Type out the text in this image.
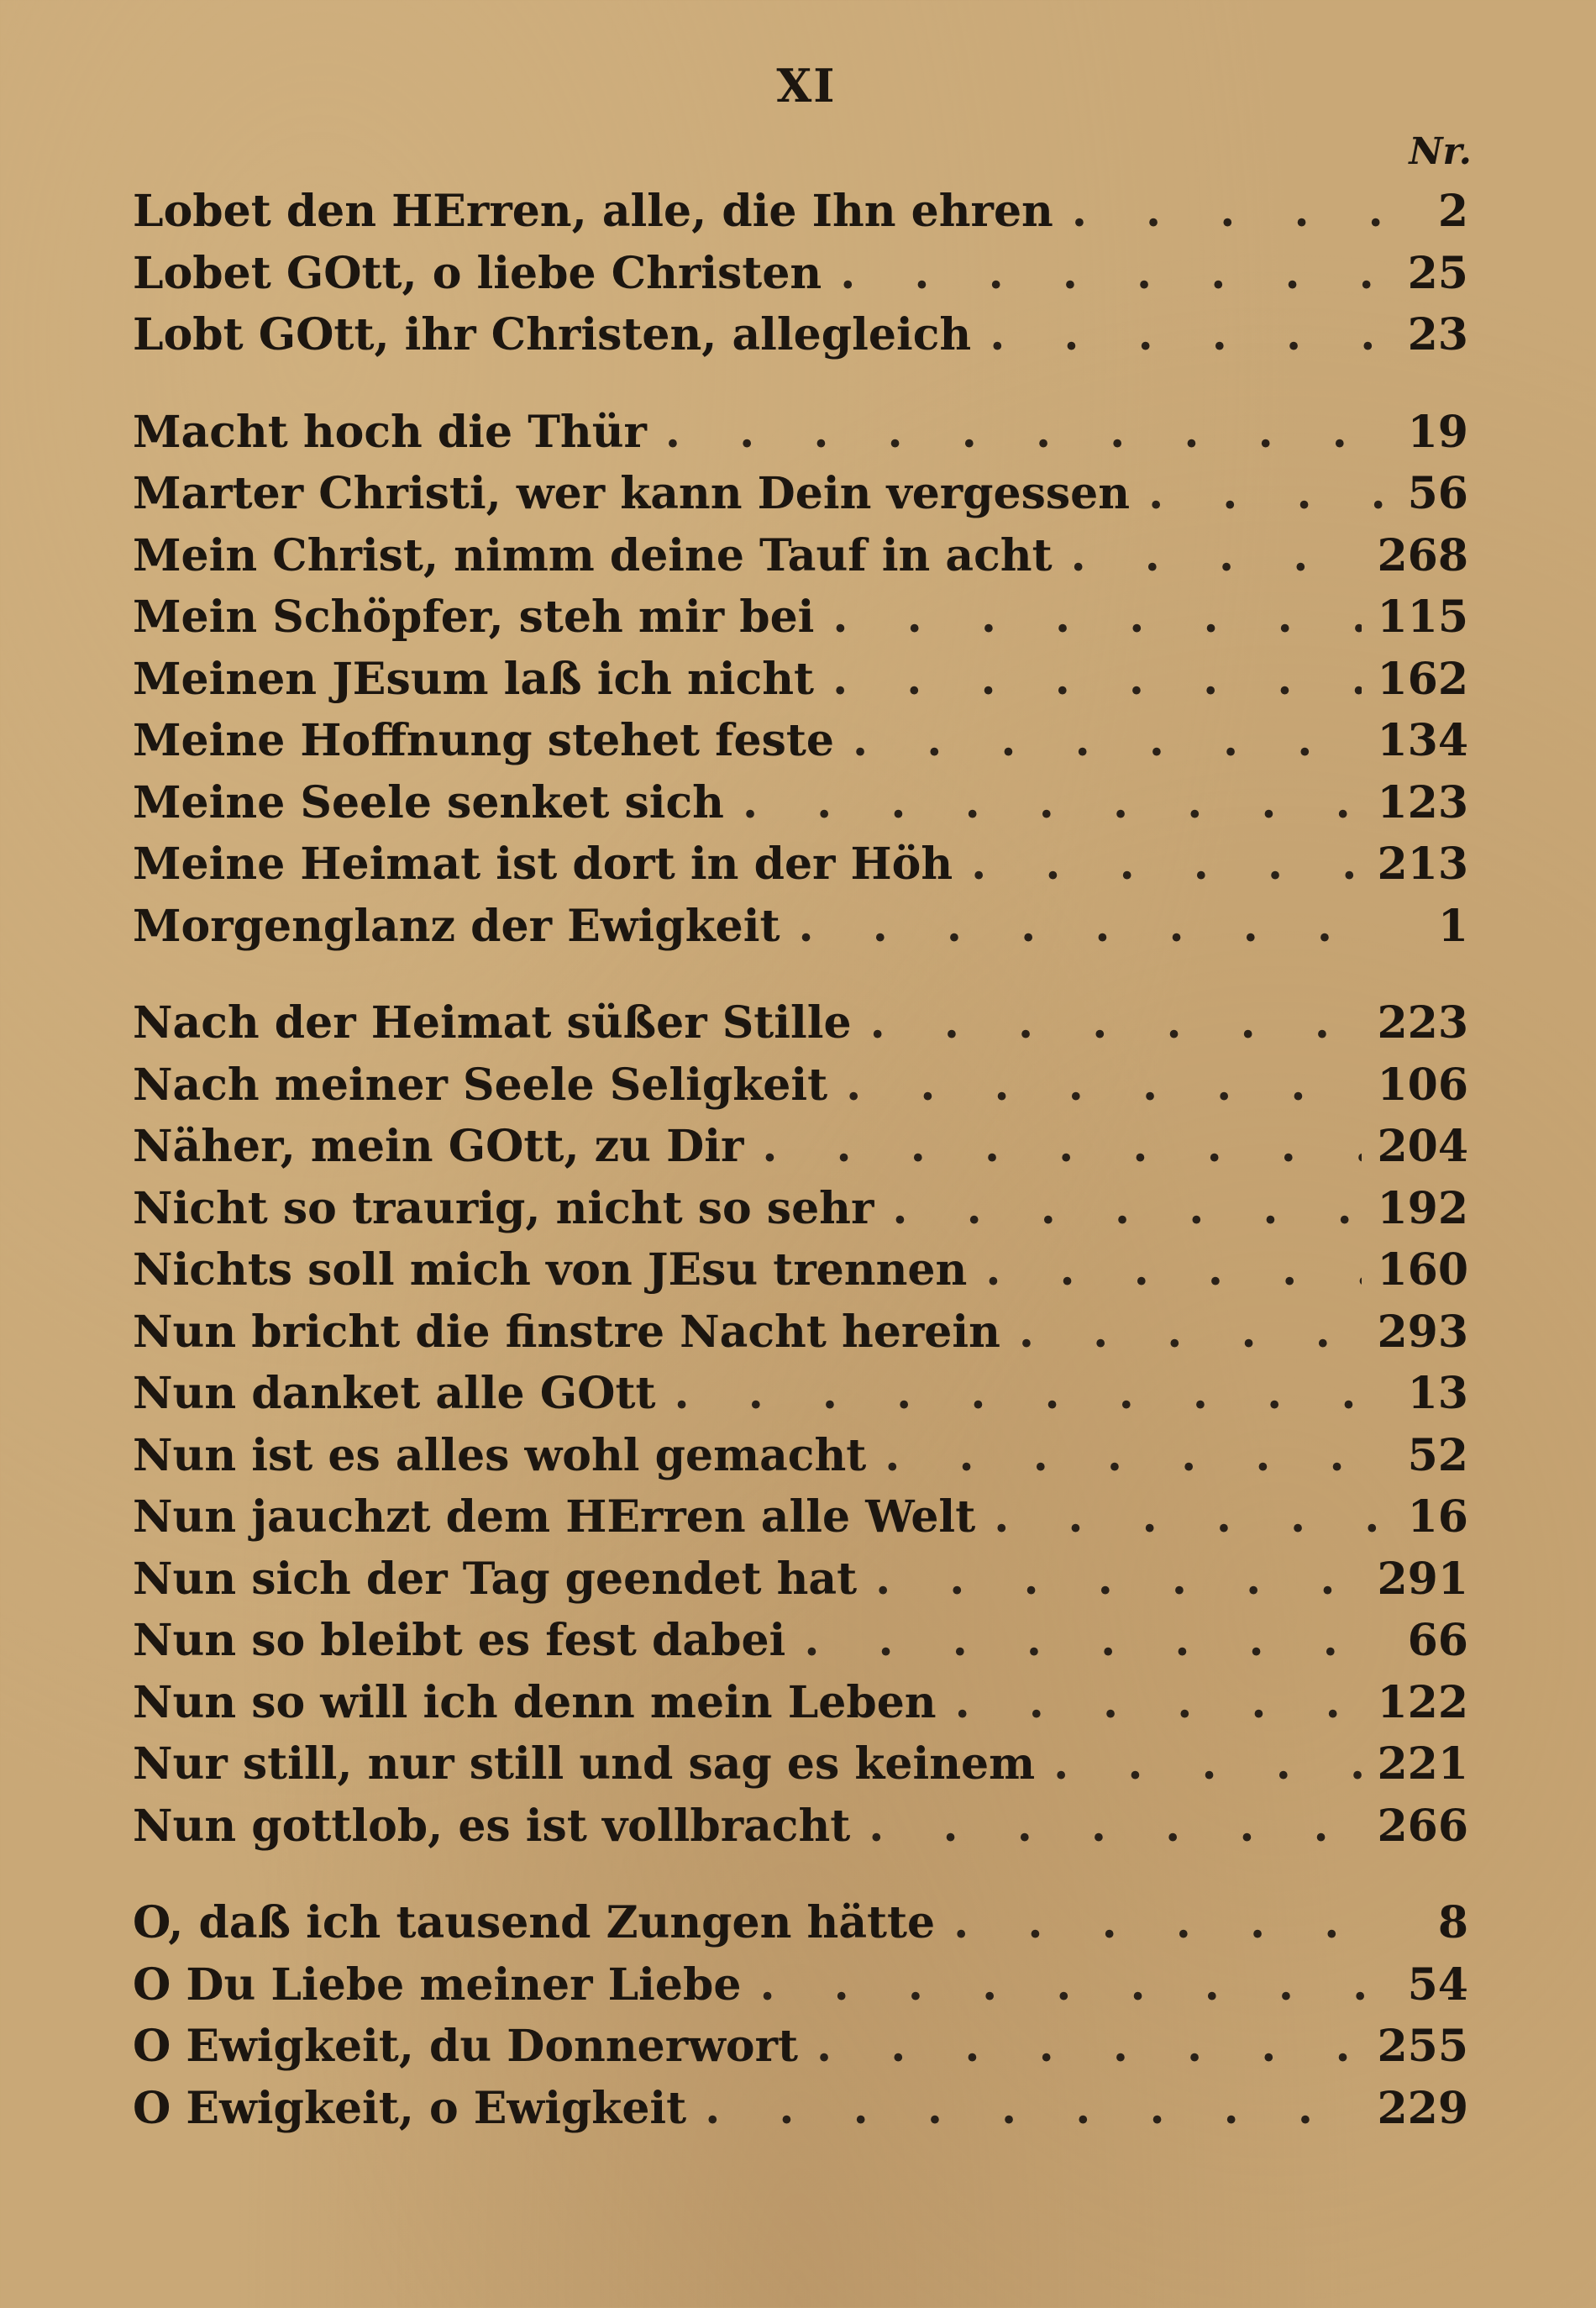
XI
Nr.
Lobet den HErren, alle, die Ihn ehren . . .	2
Lobet GOtt, o liebe Christen . . .	25
Lobt GOtt, ihr Christen, allegleich . . .	23
Macht hoch die Thür . . .	19
Marter Christi, wer kann Dein vergessen . . .	56
Mein Christ, nimm deine Tauf in acht . . .	268
Mein Schöpfer, steh mir bei . . .	115
Meinen JEsum laß ich nicht . . .	162
Meine Hoffnung stehet feste . . .	134
Meine Seele senket sich . . .	123
Meine Heimat ist dort in der Höh . . .	213
Morgenglanz der Ewigkeit . . .	1
Nach der Heimat süßer Stille . . .	223
Nach meiner Seele Seligkeit . . .	106
Näher, mein GOtt, zu Dir . . .	204
Nicht so traurig, nicht so sehr . . .	192
Nichts soll mich von JEsu trennen . . .	160
Nun bricht die finstre Nacht herein . . .	293
Nun danket alle GOtt . . .	13
Nun ist es alles wohl gemacht . . .	52
Nun jauchzt dem HErren alle Welt . . .	16
Nun sich der Tag geendet hat . . .	291
Nun so bleibt es fest dabei . . .	66
Nun so will ich denn mein Leben . . .	122
Nur still, nur still und sag es keinem . . .	221
Nun gottlob, es ist vollbracht . . .	266
O, daß ich tausend Zungen hätte . . .	8
O Du Liebe meiner Liebe . . .	54
O Ewigkeit, du Donnerwort . . .	255
O Ewigkeit, o Ewigkeit . . .	229
